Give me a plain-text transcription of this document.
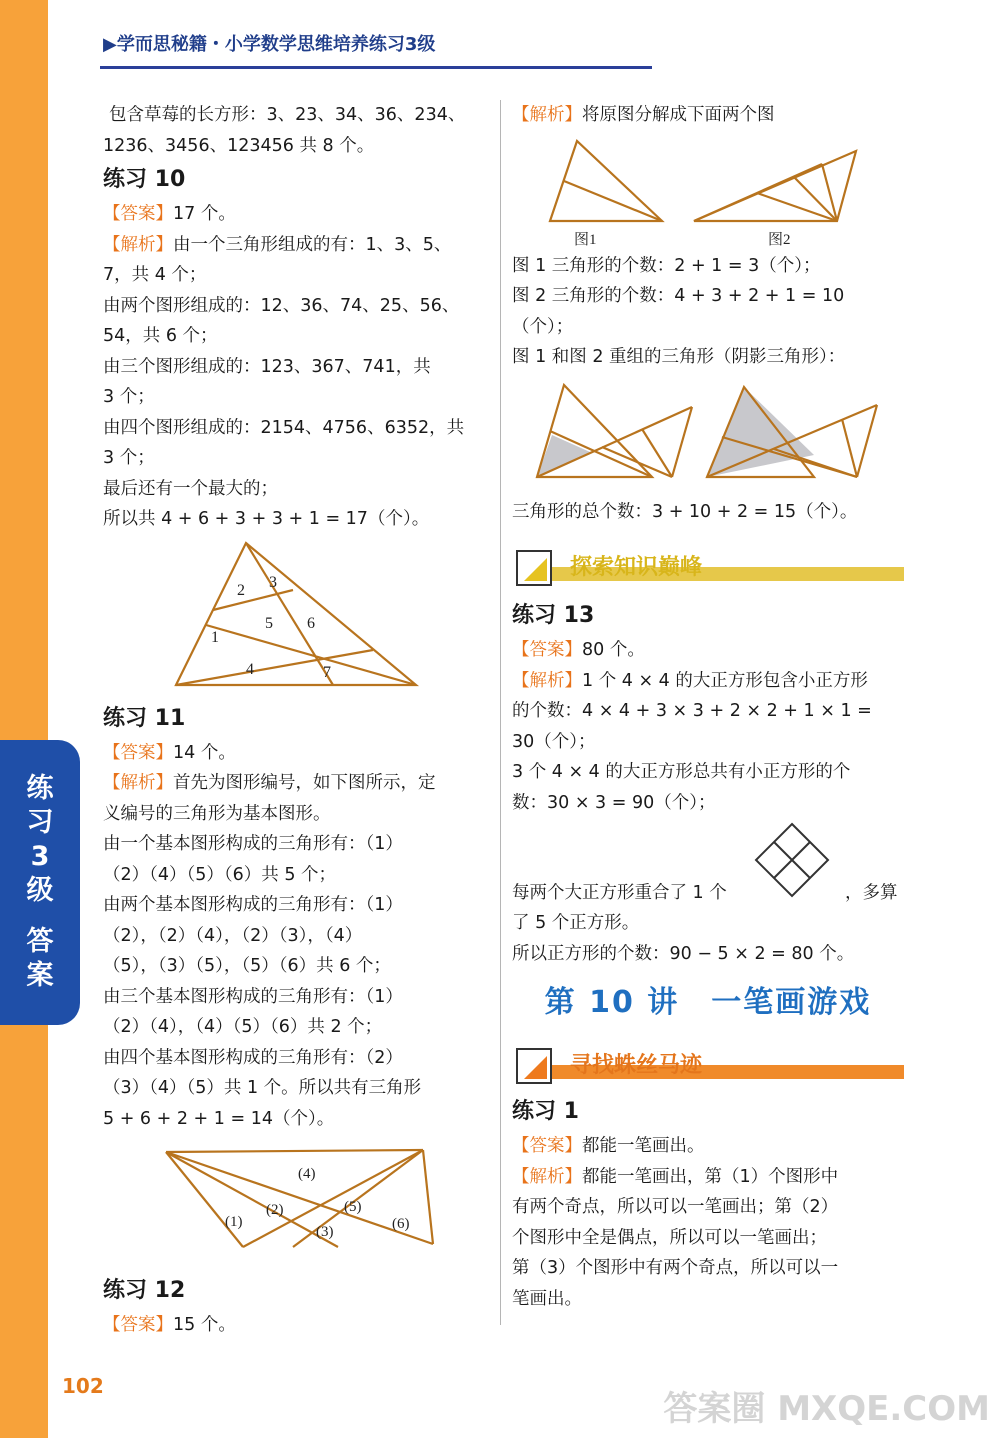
练
习
3
级
答
案
▶学而思秘籍・小学数学思维培养练习3级

包含草莓的长方形：3、23、34、36、234、

1236、3456、123456 共 8 个。

练习 10

【答案】17 个。

【解析】由一个三角形组成的有：1、3、5、

7，共 4 个；

由两个图形组成的：12、36、74、25、56、

54，共 6 个；

由三个图形组成的：123、367、741，共

3 个；

由四个图形组成的：2154、4756、6352，共

3 个；

最后还有一个最大的；

所以共 4 + 6 + 3 + 3 + 1 = 17（个）。

1
2 3
4
5 6
7

练习 11

【答案】14 个。

【解析】首先为图形编号，如下图所示，定

义编号的三角形为基本图形。

由一个基本图形构成的三角形有：（1）

（2）（4）（5）（6）共 5 个；

由两个基本图形构成的三角形有：（1）

（2），（2）（4），（2）（3），（4）

（5），（3）（5），（5）（6）共 6 个；

由三个基本图形构成的三角形有：（1）

（2）（4），（4）（5）（6）共 2 个；

由四个基本图形构成的三角形有：（2）

（3）（4）（5）共 1 个。所以共有三角形

5 + 6 + 2 + 1 = 14（个）。

(1)
(2)
(3)
(4)
(5)
(6)

练习 12

【答案】15 个。

【解析】将原图分解成下面两个图

图1	图2

图 1 三角形的个数：2 + 1 = 3（个）；

图 2 三角形的个数：4 + 3 + 2 + 1 = 10（个）；

图 1 和图 2 重组的三角形（阴影三角形）：

三角形的总个数：3 + 10 + 2 = 15（个）。

探索知识巅峰

练习 13

【答案】80 个。

【解析】1 个 4 × 4 的大正方形包含小正方形

的个数：4 × 4 + 3 × 3 + 2 × 2 + 1 × 1 =

30（个）；

3 个 4 × 4 的大正方形总共有小正方形的个

数：30 × 3 = 90（个）；

每两个大正方形重合了 1 个	，多算

了 5 个正方形。

所以正方形的个数：90 − 5 × 2 = 80 个。

第 10 讲　一笔画游戏

寻找蛛丝马迹

练习 1

【答案】都能一笔画出。

【解析】都能一笔画出，第（1）个图形中

有两个奇点，所以可以一笔画出；第（2）

个图形中全是偶点，所以可以一笔画出；

第（3）个图形中有两个奇点，所以可以一

笔画出。

102
答案圈 MXQE.COM
